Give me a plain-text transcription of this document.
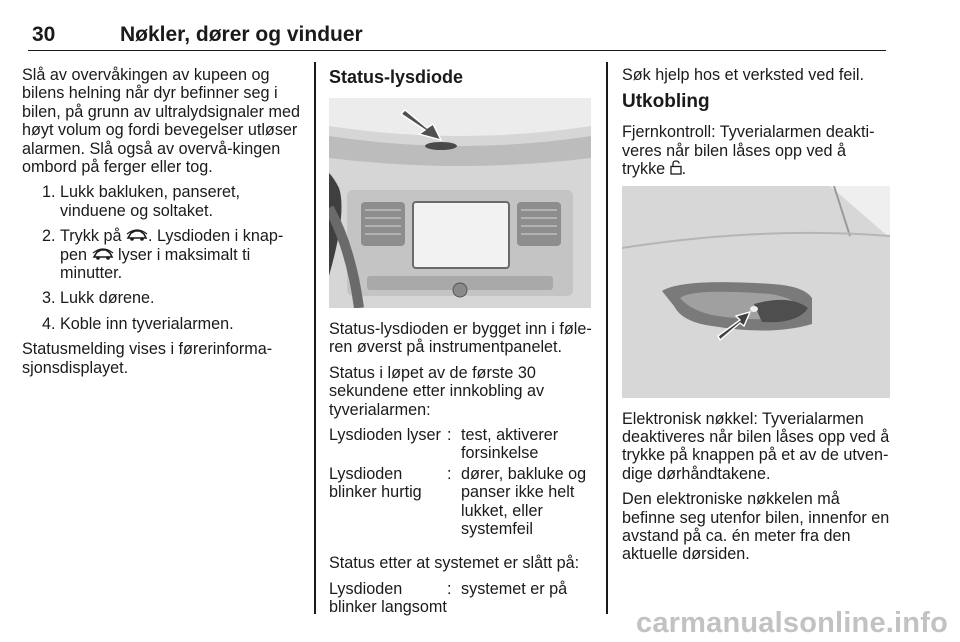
30	Nøkler, dører og vinduer

Slå av overvåkingen av kupeen og bilens helning når dyr befinner seg i bilen, på grunn av ultralydsignaler med høyt volum og fordi bevegelser utløser alarmen. Slå også av overvå-kingen ombord på ferger eller tog.

1. Lukk bakluken, panseret, vinduene og soltaket.
2. Trykk på . Lysdioden i knap-pen  lyser i maksimalt ti minutter.
3. Lukk dørene.
4. Koble inn tyverialarmen.

Statusmelding vises i førerinforma-sjonsdisplayet.

Status-lysdiode

Status-lysdioden er bygget inn i føle-ren øverst på instrumentpanelet.

Status i løpet av de første 30 sekundene etter innkobling av tyverialarmen:

Lysdioden lyser : test, aktiverer forsinkelse
Lysdioden blinker hurtig
: dører, bakluke og panser ikke helt lukket, eller systemfeil

Status etter at systemet er slått på:

Lysdioden blinker langsomt
: systemet er på

Søk hjelp hos et verksted ved feil.

Utkobling

Fjernkontroll: Tyverialarmen deakti-veres når bilen låses opp ved å trykke .

Elektronisk nøkkel: Tyverialarmen deaktiveres når bilen låses opp ved å trykke på knappen på et av de utven-dige dørhåndtakene.

Den elektroniske nøkkelen må befinne seg utenfor bilen, innenfor en avstand på ca. én meter fra den aktuelle dørsiden.

carmanualsonline.info
